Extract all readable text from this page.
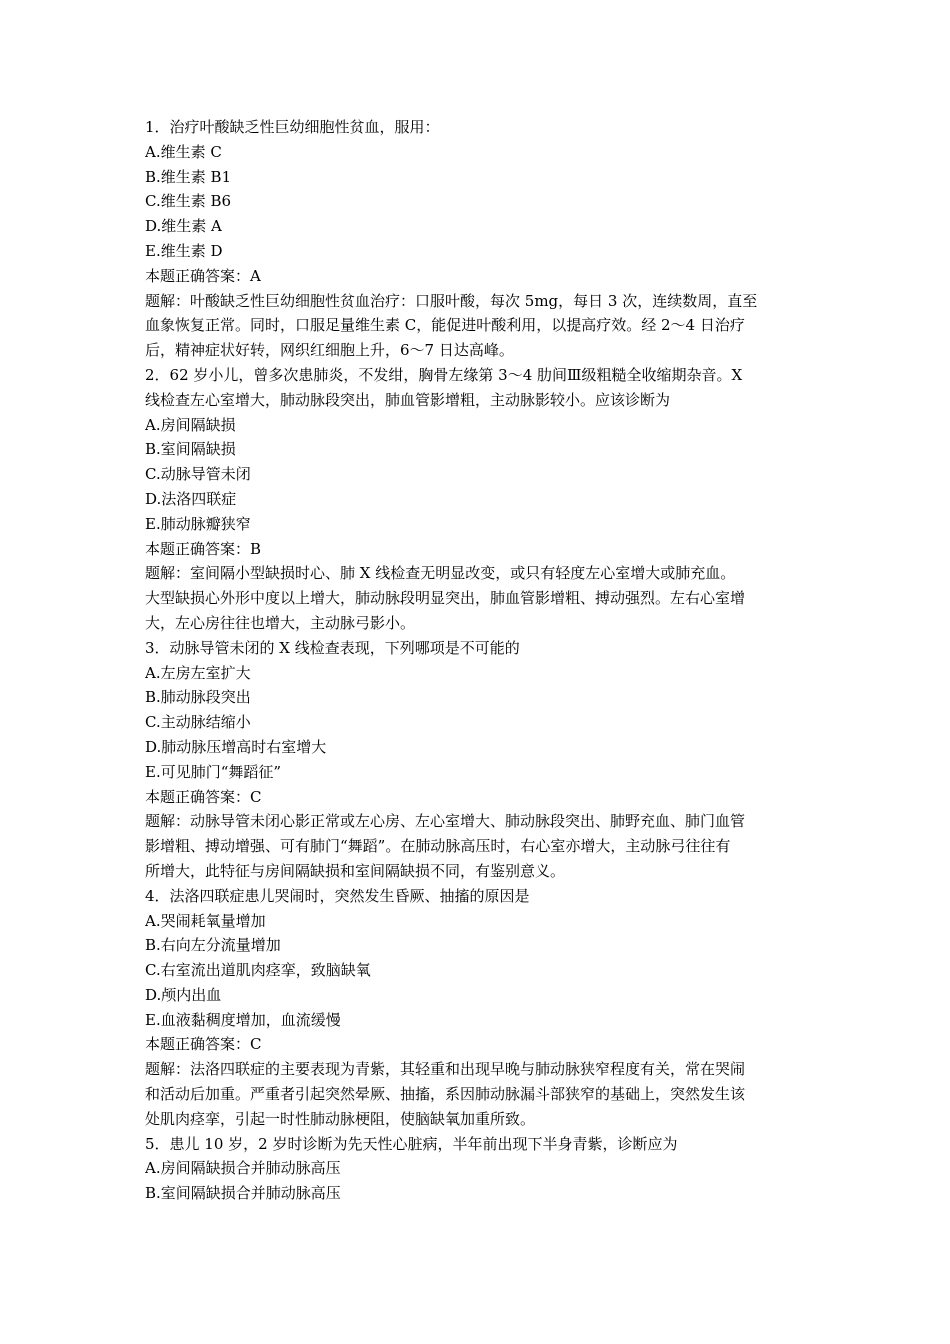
1．治疗叶酸缺乏性巨幼细胞性贫血，服用：
A.维生素 C
B.维生素 B1
C.维生素 B6
D.维生素 A
E.维生素 D
本题正确答案：A
题解：叶酸缺乏性巨幼细胞性贫血治疗：口服叶酸，每次 5mg，每日 3 次，连续数周，直至
血象恢复正常。同时，口服足量维生素 C，能促进叶酸利用，以提高疗效。经 2～4 日治疗
后，精神症状好转，网织红细胞上升，6～7 日达高峰。
2．62 岁小儿，曾多次患肺炎，不发绀，胸骨左缘第 3～4 肋间Ⅲ级粗糙全收缩期杂音。X
线检查左心室增大，肺动脉段突出，肺血管影增粗，主动脉影较小。应该诊断为
A.房间隔缺损
B.室间隔缺损
C.动脉导管未闭
D.法洛四联症
E.肺动脉瓣狭窄
本题正确答案：B
题解：室间隔小型缺损时心、肺 X 线检查无明显改变，或只有轻度左心室增大或肺充血。
大型缺损心外形中度以上增大，肺动脉段明显突出，肺血管影增粗、搏动强烈。左右心室增
大，左心房往往也增大，主动脉弓影小。
3．动脉导管未闭的 X 线检查表现，下列哪项是不可能的
A.左房左室扩大
B.肺动脉段突出
C.主动脉结缩小
D.肺动脉压增高时右室增大
E.可见肺门“舞蹈征”
本题正确答案：C
题解：动脉导管未闭心影正常或左心房、左心室增大、肺动脉段突出、肺野充血、肺门血管
影增粗、搏动增强、可有肺门“舞蹈”。在肺动脉高压时，右心室亦增大，主动脉弓往往有
所增大，此特征与房间隔缺损和室间隔缺损不同，有鉴别意义。
4．法洛四联症患儿哭闹时，突然发生昏厥、抽搐的原因是
A.哭闹耗氧量增加
B.右向左分流量增加
C.右室流出道肌肉痉挛，致脑缺氧
D.颅内出血
E.血液黏稠度增加，血流缓慢
本题正确答案：C
题解：法洛四联症的主要表现为青紫，其轻重和出现早晚与肺动脉狭窄程度有关，常在哭闹
和活动后加重。严重者引起突然晕厥、抽搐，系因肺动脉漏斗部狭窄的基础上，突然发生该
处肌肉痉挛，引起一时性肺动脉梗阻，使脑缺氧加重所致。
5．患儿 10 岁，2 岁时诊断为先天性心脏病，半年前出现下半身青紫，诊断应为
A.房间隔缺损合并肺动脉高压
B.室间隔缺损合并肺动脉高压
